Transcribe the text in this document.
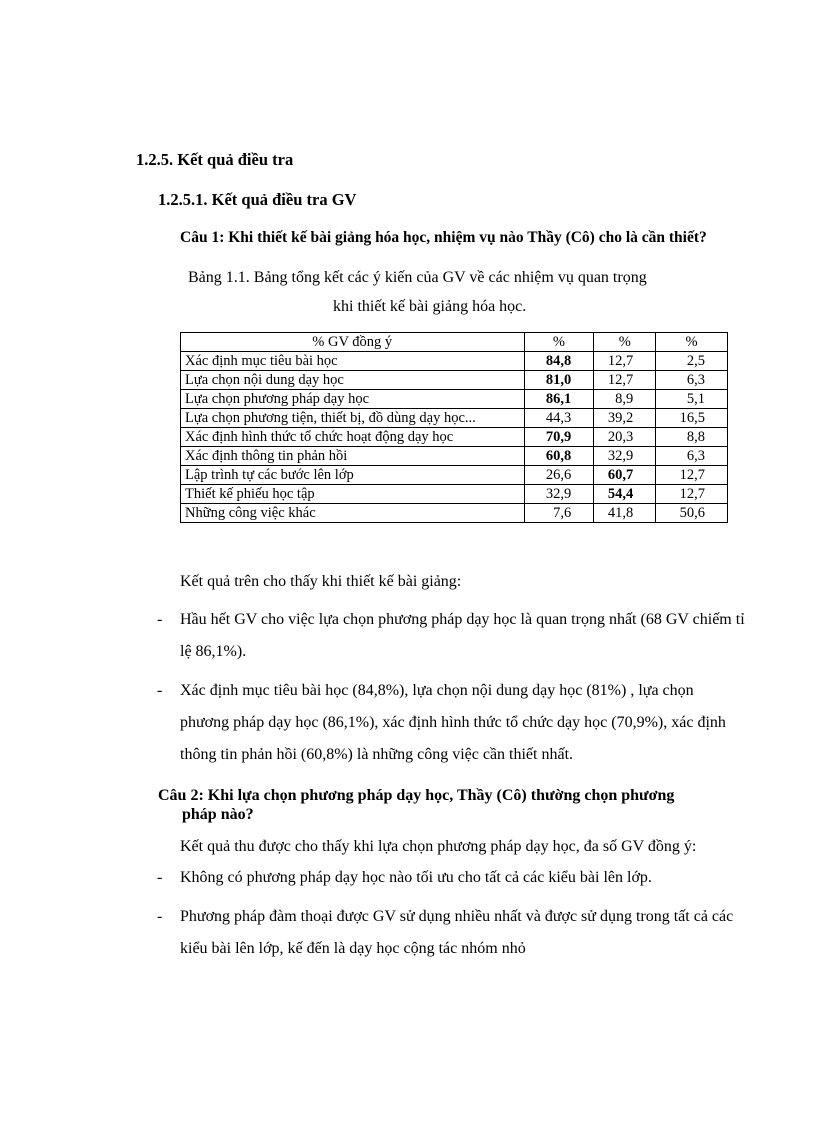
1.2.5. Kết quả điều tra
1.2.5.1. Kết quả điều tra GV
Câu 1: Khi thiết kế bài giảng hóa học, nhiệm vụ nào Thầy (Cô) cho là cần thiết?
Bảng 1.1. Bảng tổng kết các ý kiến của GV về các nhiệm vụ quan trọng
khi thiết kế bài giảng hóa học.
% GV đồng ý	%	%	%
Xác định mục tiêu bài học	84,8	12,7	2,5
Lựa chọn nội dung dạy học	81,0	12,7	6,3
Lựa chọn phương pháp dạy học	86,1	8,9	5,1
Lựa chọn phương tiện, thiết bị, đồ dùng dạy học...	44,3	39,2	16,5
Xác định hình thức tổ chức hoạt động dạy học	70,9	20,3	8,8
Xác định thông tin phản hồi	60,8	32,9	6,3
Lập trình tự các bước lên lớp	26,6	60,7	12,7
Thiết kế phiếu học tập	32,9	54,4	12,7
Những công việc khác	7,6	41,8	50,6
Kết quả trên cho thấy khi thiết kế bài giảng:
- Hầu hết GV cho việc lựa chọn phương pháp dạy học là quan trọng nhất (68 GV chiếm tỉ lệ 86,1%).
- Xác định mục tiêu bài học (84,8%), lựa chọn nội dung dạy học (81%) , lựa chọn phương pháp dạy học (86,1%), xác định hình thức tổ chức dạy học (70,9%), xác định thông tin phản hồi (60,8%) là những công việc cần thiết nhất.
Câu 2: Khi lựa chọn phương pháp dạy học, Thầy (Cô) thường chọn phương
pháp nào?
Kết quả thu được cho thấy khi lựa chọn phương pháp dạy học, đa số GV đồng ý:
- Không có phương pháp dạy học nào tối ưu cho tất cả các kiểu bài lên lớp.
- Phương pháp đàm thoại được GV sử dụng nhiều nhất và được sử dụng trong tất cả các kiểu bài lên lớp, kế đến là dạy học cộng tác nhóm nhỏ
